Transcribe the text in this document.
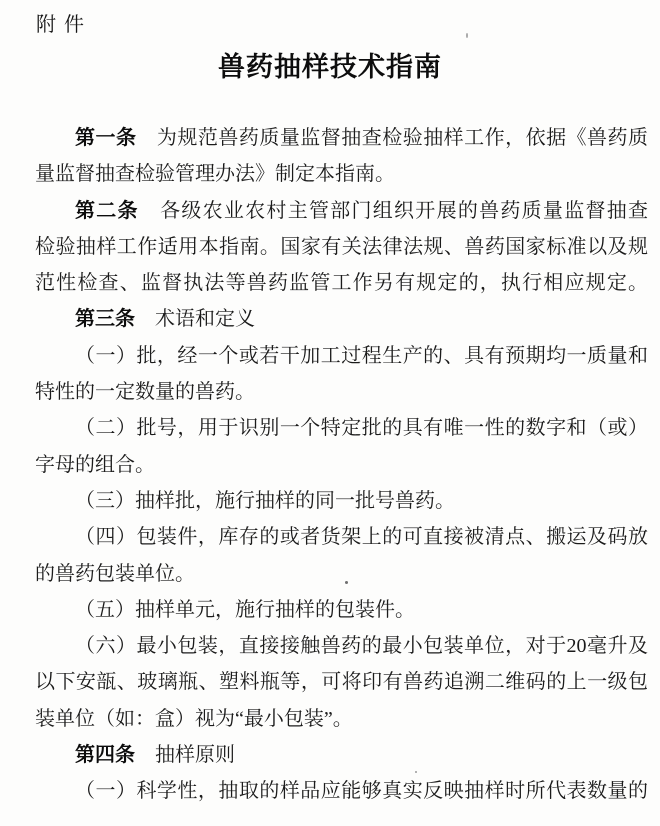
附件
兽药抽样技术指南
第一条　为规范兽药质量监督抽查检验抽样工作，依据《兽药质
量监督抽查检验管理办法》制定本指南。
第二条　各级农业农村主管部门组织开展的兽药质量监督抽查
检验抽样工作适用本指南。国家有关法律法规、兽药国家标准以及规
范性检查、监督执法等兽药监管工作另有规定的，执行相应规定。
第三条　术语和定义
（一）批，经一个或若干加工过程生产的、具有预期均一质量和
特性的一定数量的兽药。
（二）批号，用于识别一个特定批的具有唯一性的数字和（或）
字母的组合。
（三）抽样批，施行抽样的同一批号兽药。
（四）包装件，库存的或者货架上的可直接被清点、搬运及码放
的兽药包装单位。
（五）抽样单元，施行抽样的包装件。
（六）最小包装，直接接触兽药的最小包装单位，对于20毫升及
以下安瓿、玻璃瓶、塑料瓶等，可将印有兽药追溯二维码的上一级包
装单位（如：盒）视为“最小包装”。
第四条　抽样原则
（一）科学性，抽取的样品应能够真实反映抽样时所代表数量的
